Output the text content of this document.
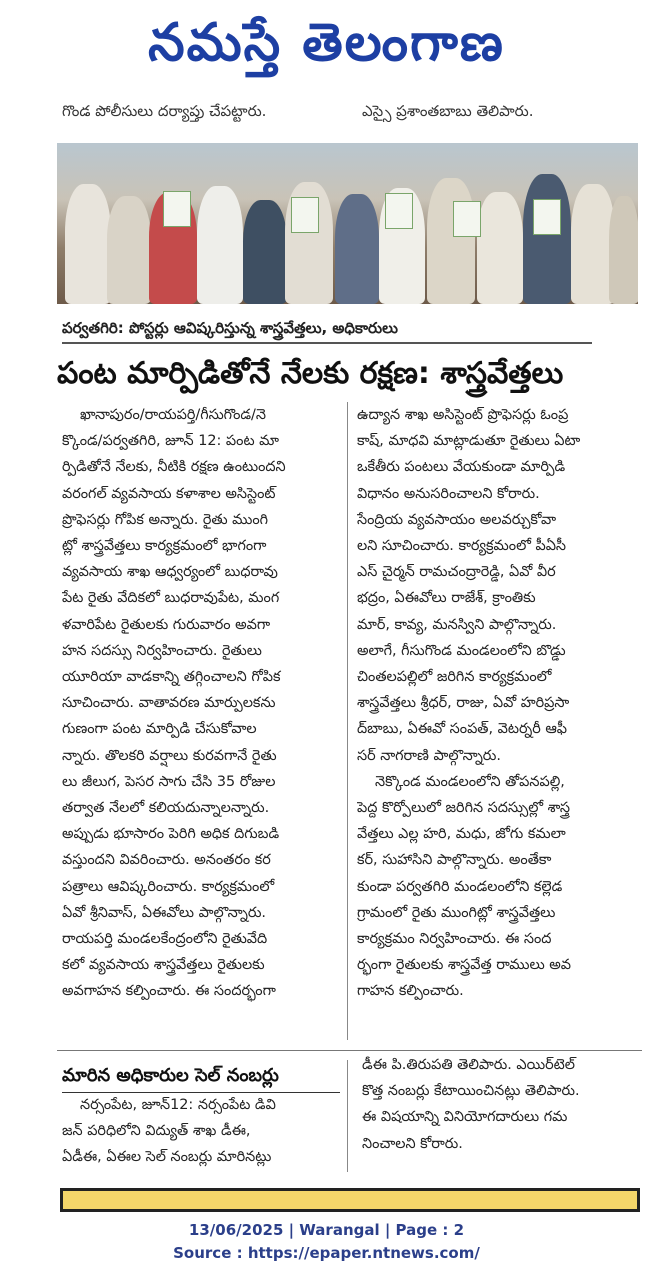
నమస్తే తెలంగాణ
గొండ పోలీసులు దర్యాప్తు చేపట్టారు.	ఎస్సై ప్రశాంతబాబు తెలిపారు.
పర్వతగిరి: పోస్టర్లు ఆవిష్కరిస్తున్న శాస్త్రవేత్తలు, అధికారులు
పంట మార్పిడితోనే నేలకు రక్షణ: శాస్త్రవేత్తలు

ఖానాపురం/రాయపర్తి/గీసుగొండ/నె

క్కొండ/పర్వతగిరి, జూన్ 12: పంట మా

ర్పిడితోనే నేలకు, నీటికి రక్షణ ఉంటుందని

వరంగల్ వ్యవసాయ కళాశాల అసిస్టెంట్

ప్రొఫెసర్లు గోపిక అన్నారు. రైతు ముంగి

ట్లో శాస్త్రవేత్తలు కార్యక్రమంలో భాగంగా

వ్యవసాయ శాఖ ఆధ్వర్యంలో బుధరావు

పేట రైతు వేదికలో బుధరావుపేట, మంగ

ళవారిపేట రైతులకు గురువారం అవగా

హన సదస్సు నిర్వహించారు. రైతులు

యూరియా వాడకాన్ని తగ్గించాలని గోపిక

సూచించారు. వాతావరణ మార్పులకను

గుణంగా పంట మార్పిడి చేసుకోవాల

న్నారు. తొలకరి వర్షాలు కురవగానే రైతు

లు జీలుగ, పెసర సాగు చేసి 35 రోజుల

తర్వాత నేలలో కలియదున్నాలన్నారు.

అప్పుడు భూసారం పెరిగి అధిక దిగుబడి

వస్తుందని వివరించారు. అనంతరం కర

పత్రాలు ఆవిష్కరించారు. కార్యక్రమంలో

ఏవో శ్రీనివాస్, ఏఈవోలు పాల్గొన్నారు.

రాయపర్తి మండలకేంద్రంలోని రైతువేది

కలో వ్యవసాయ శాస్త్రవేత్తలు రైతులకు

అవగాహన కల్పించారు. ఈ సందర్భంగా

ఉద్యాన శాఖ అసిస్టెంట్ ప్రొఫెసర్లు ఓంప్ర

కాష్, మాధవి మాట్లాడుతూ రైతులు ఏటా

ఒకేతీరు పంటలు వేయకుండా మార్పిడి

విధానం అనుసరించాలని కోరారు.

సేంద్రియ వ్యవసాయం అలవర్చుకోవా

లని సూచించారు. కార్యక్రమంలో పీఏసీ

ఎస్ చైర్మన్ రామచంద్రారెడ్డి, ఏవో వీర

భద్రం, ఏఈవోలు రాజేశ్, క్రాంతికు

మార్, కావ్య, మనస్విని పాల్గొన్నారు.

అలాగే, గీసుగొండ మండలంలోని బొడ్డు

చింతలపల్లిలో జరిగిన కార్యక్రమంలో

శాస్త్రవేత్తలు శ్రీధర్, రాజు, ఏవో హరిప్రసా

ద్‌బాబు, ఏఈవో సంపత్, వెటర్నరీ ఆఫీ

సర్ నాగరాణి పాల్గొన్నారు.

నెక్కొండ మండలంలోని తోపనపల్లి,

పెద్ద కొర్పోలులో జరిగిన సదస్సుల్లో శాస్త్ర

వేత్తలు ఎల్ల హరి, మధు, జోగు కమలా

కర్, సుహాసిని పాల్గొన్నారు. అంతేకా

కుండా పర్వతగిరి మండలంలోని కల్లెడ

గ్రామంలో రైతు ముంగిట్లో శాస్త్రవేత్తలు

కార్యక్రమం నిర్వహించారు. ఈ సంద

ర్భంగా రైతులకు శాస్త్రవేత్త రాములు అవ

గాహన కల్పించారు.

మారిన అధికారుల సెల్ నంబర్లు

నర్సంపేట, జూన్12: నర్సంపేట డివి

జన్ పరిధిలోని విద్యుత్ శాఖ డీఈ,

ఏడీఈ, ఏఈల సెల్ నంబర్లు మారినట్లు

డీఈ పి.తిరుపతి తెలిపారు. ఎయిర్‌టెల్

కొత్త నంబర్లు కేటాయించినట్లు తెలిపారు.

ఈ విషయాన్ని వినియోగదారులు గమ

నించాలని కోరారు.

13/06/2025 | Warangal | Page : 2
Source : https://epaper.ntnews.com/
